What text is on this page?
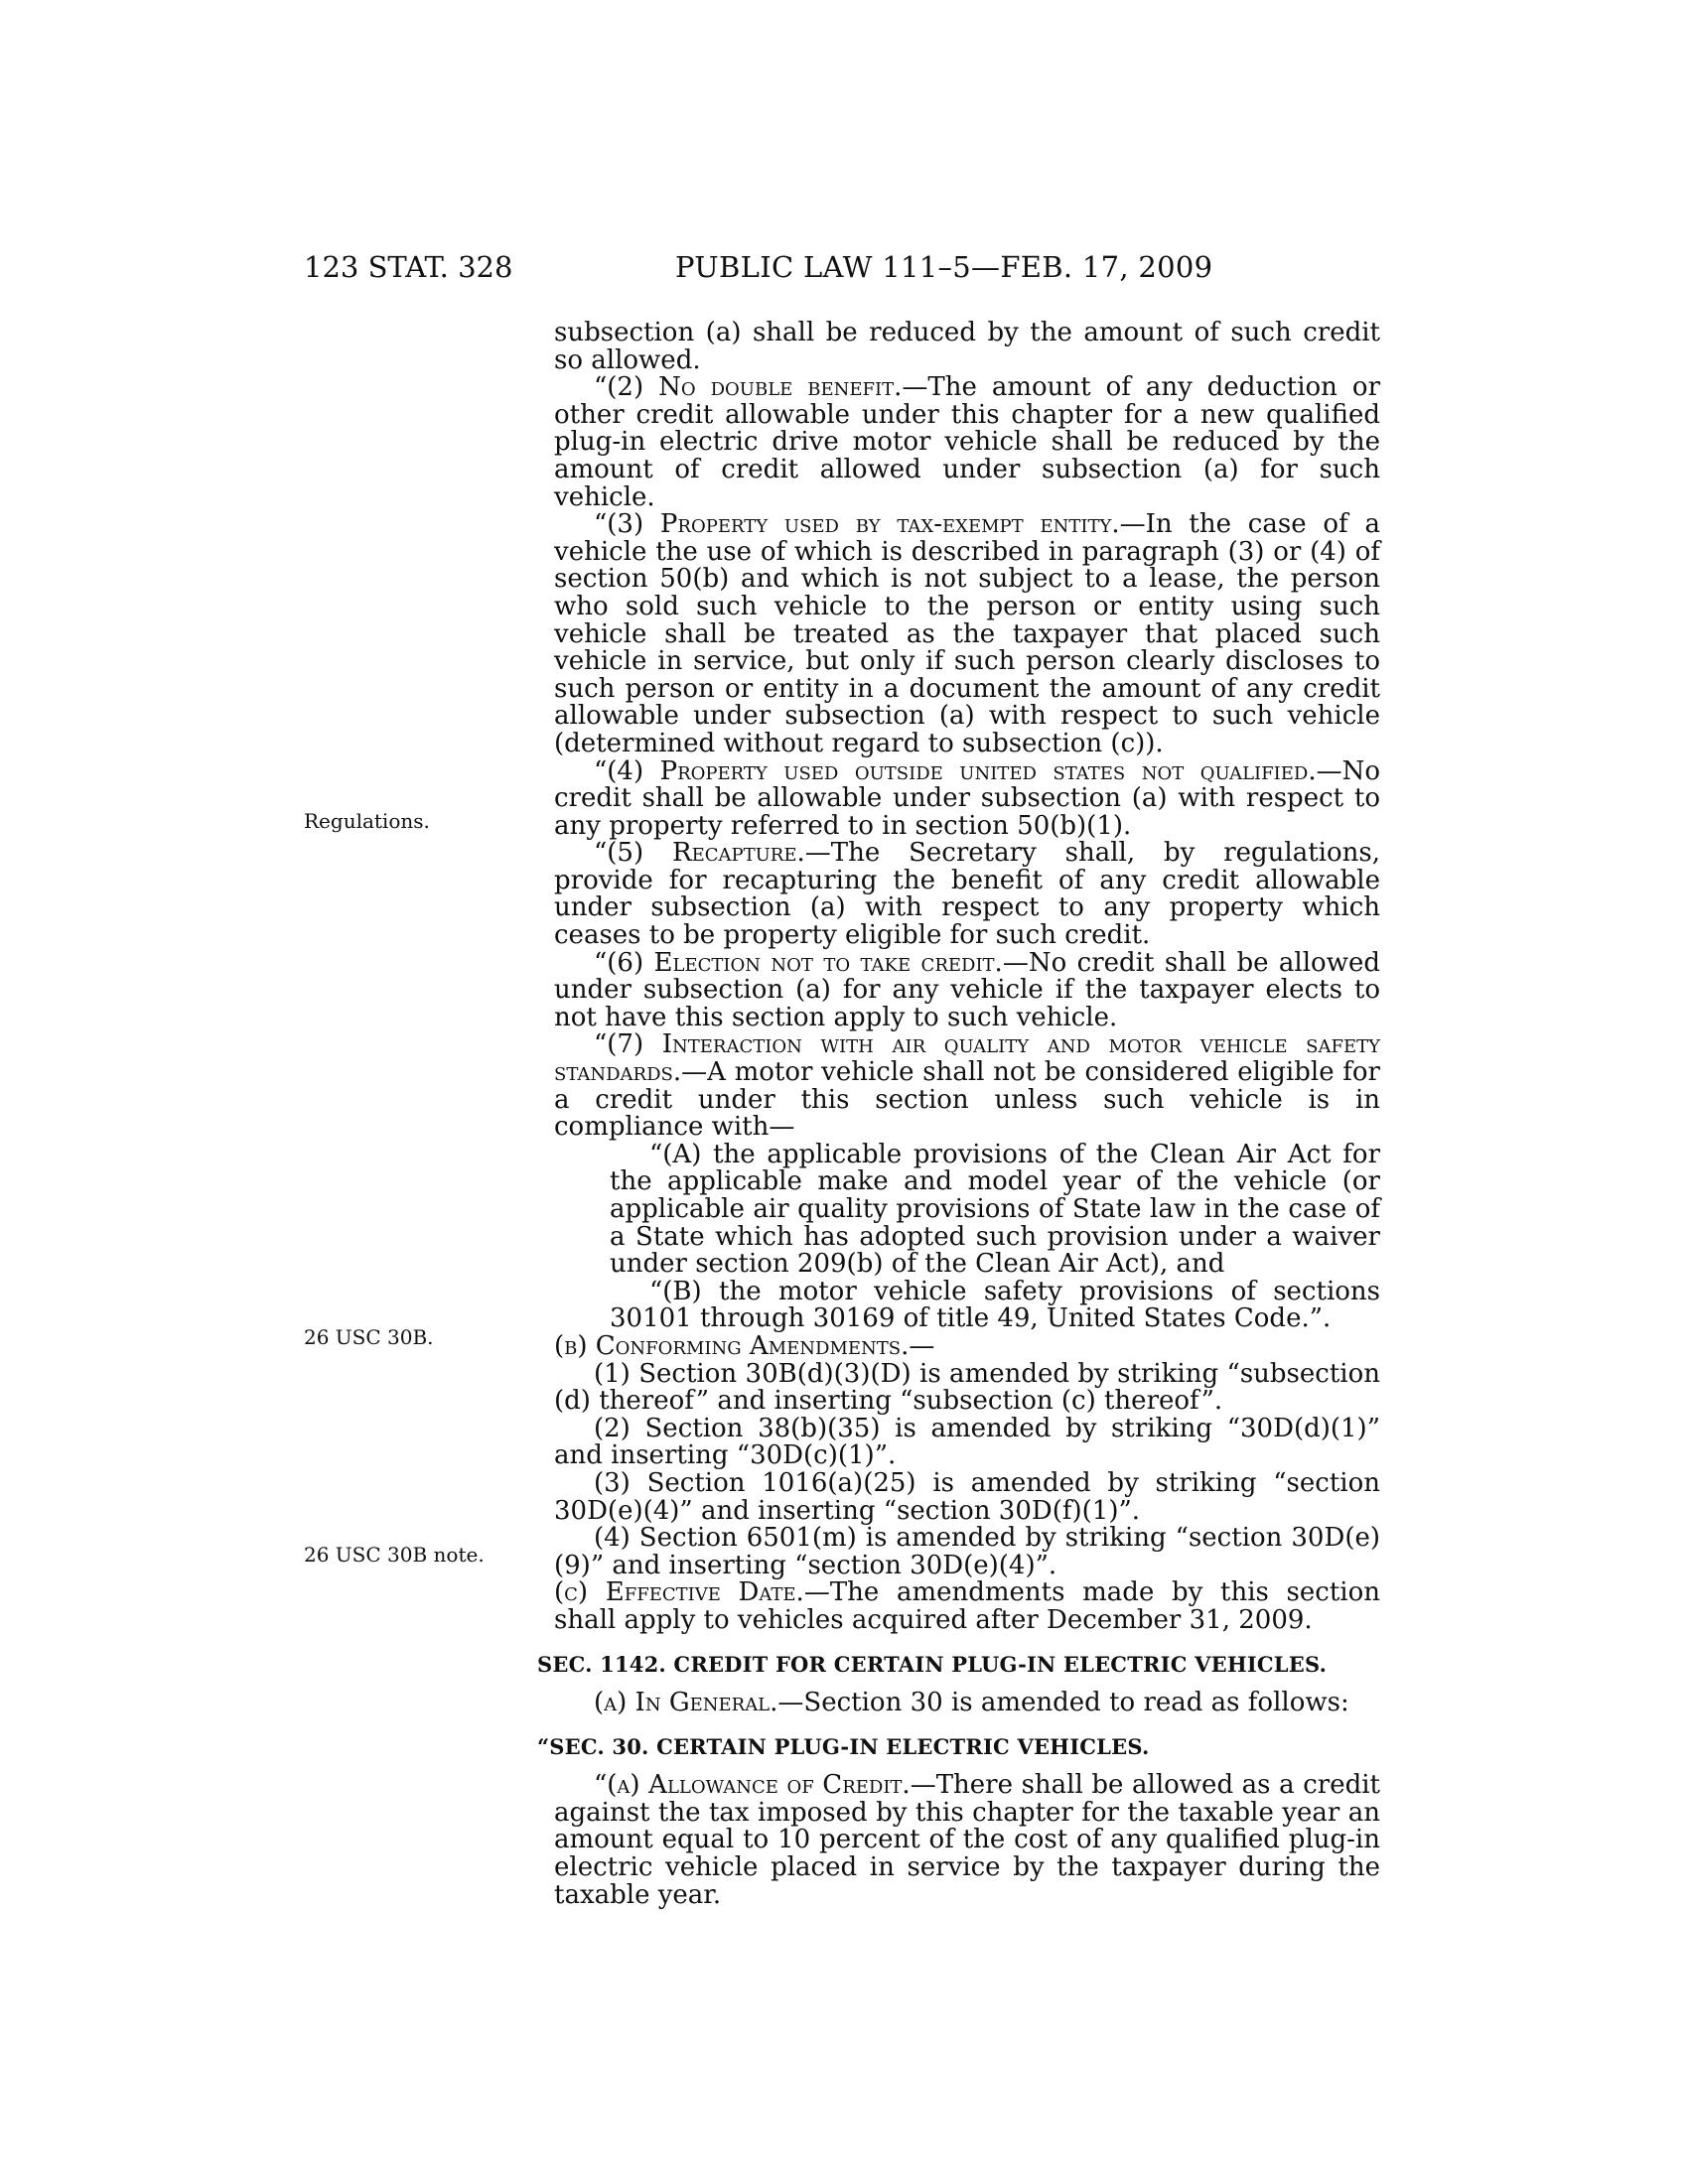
123 STAT. 328	PUBLIC LAW 111–5—FEB. 17, 2009
Regulations.
26 USC 30B.
26 USC 30B note.

subsection (a) shall be reduced by the amount of such credit so allowed.

“(2) No double benefit.—The amount of any deduction or other credit allowable under this chapter for a new qualified plug-in electric drive motor vehicle shall be reduced by the amount of credit allowed under subsection (a) for such vehicle.

“(3) Property used by tax-exempt entity.—In the case of a vehicle the use of which is described in paragraph (3) or (4) of section 50(b) and which is not subject to a lease, the person who sold such vehicle to the person or entity using such vehicle shall be treated as the taxpayer that placed such vehicle in service, but only if such person clearly discloses to such person or entity in a document the amount of any credit allowable under subsection (a) with respect to such vehicle (determined without regard to subsection (c)).

“(4) Property used outside united states not qualified.—No credit shall be allowable under subsection (a) with respect to any property referred to in section 50(b)(1).

“(5) Recapture.—The Secretary shall, by regulations, provide for recapturing the benefit of any credit allowable under subsection (a) with respect to any property which ceases to be property eligible for such credit.

“(6) Election not to take credit.—No credit shall be allowed under subsection (a) for any vehicle if the taxpayer elects to not have this section apply to such vehicle.

“(7) Interaction with air quality and motor vehicle safety standards.—A motor vehicle shall not be considered eligible for a credit under this section unless such vehicle is in compliance with—

“(A) the applicable provisions of the Clean Air Act for the applicable make and model year of the vehicle (or applicable air quality provisions of State law in the case of a State which has adopted such provision under a waiver under section 209(b) of the Clean Air Act), and

“(B) the motor vehicle safety provisions of sections 30101 through 30169 of title 49, United States Code.”.

(b) Conforming Amendments.—

(1) Section 30B(d)(3)(D) is amended by striking “subsection (d) thereof” and inserting “subsection (c) thereof”.

(2) Section 38(b)(35) is amended by striking “30D(d)(1)” and inserting “30D(c)(1)”.

(3) Section 1016(a)(25) is amended by striking “section 30D(e)(4)” and inserting “section 30D(f)(1)”.

(4) Section 6501(m) is amended by striking “section 30D(e)(9)” and inserting “section 30D(e)(4)”.

(c) Effective Date.—The amendments made by this section shall apply to vehicles acquired after December 31, 2009.

SEC. 1142. CREDIT FOR CERTAIN PLUG-IN ELECTRIC VEHICLES.

(a) In General.—Section 30 is amended to read as follows:

“SEC. 30. CERTAIN PLUG-IN ELECTRIC VEHICLES.

“(a) Allowance of Credit.—There shall be allowed as a credit against the tax imposed by this chapter for the taxable year an amount equal to 10 percent of the cost of any qualified plug-in electric vehicle placed in service by the taxpayer during the taxable year.
